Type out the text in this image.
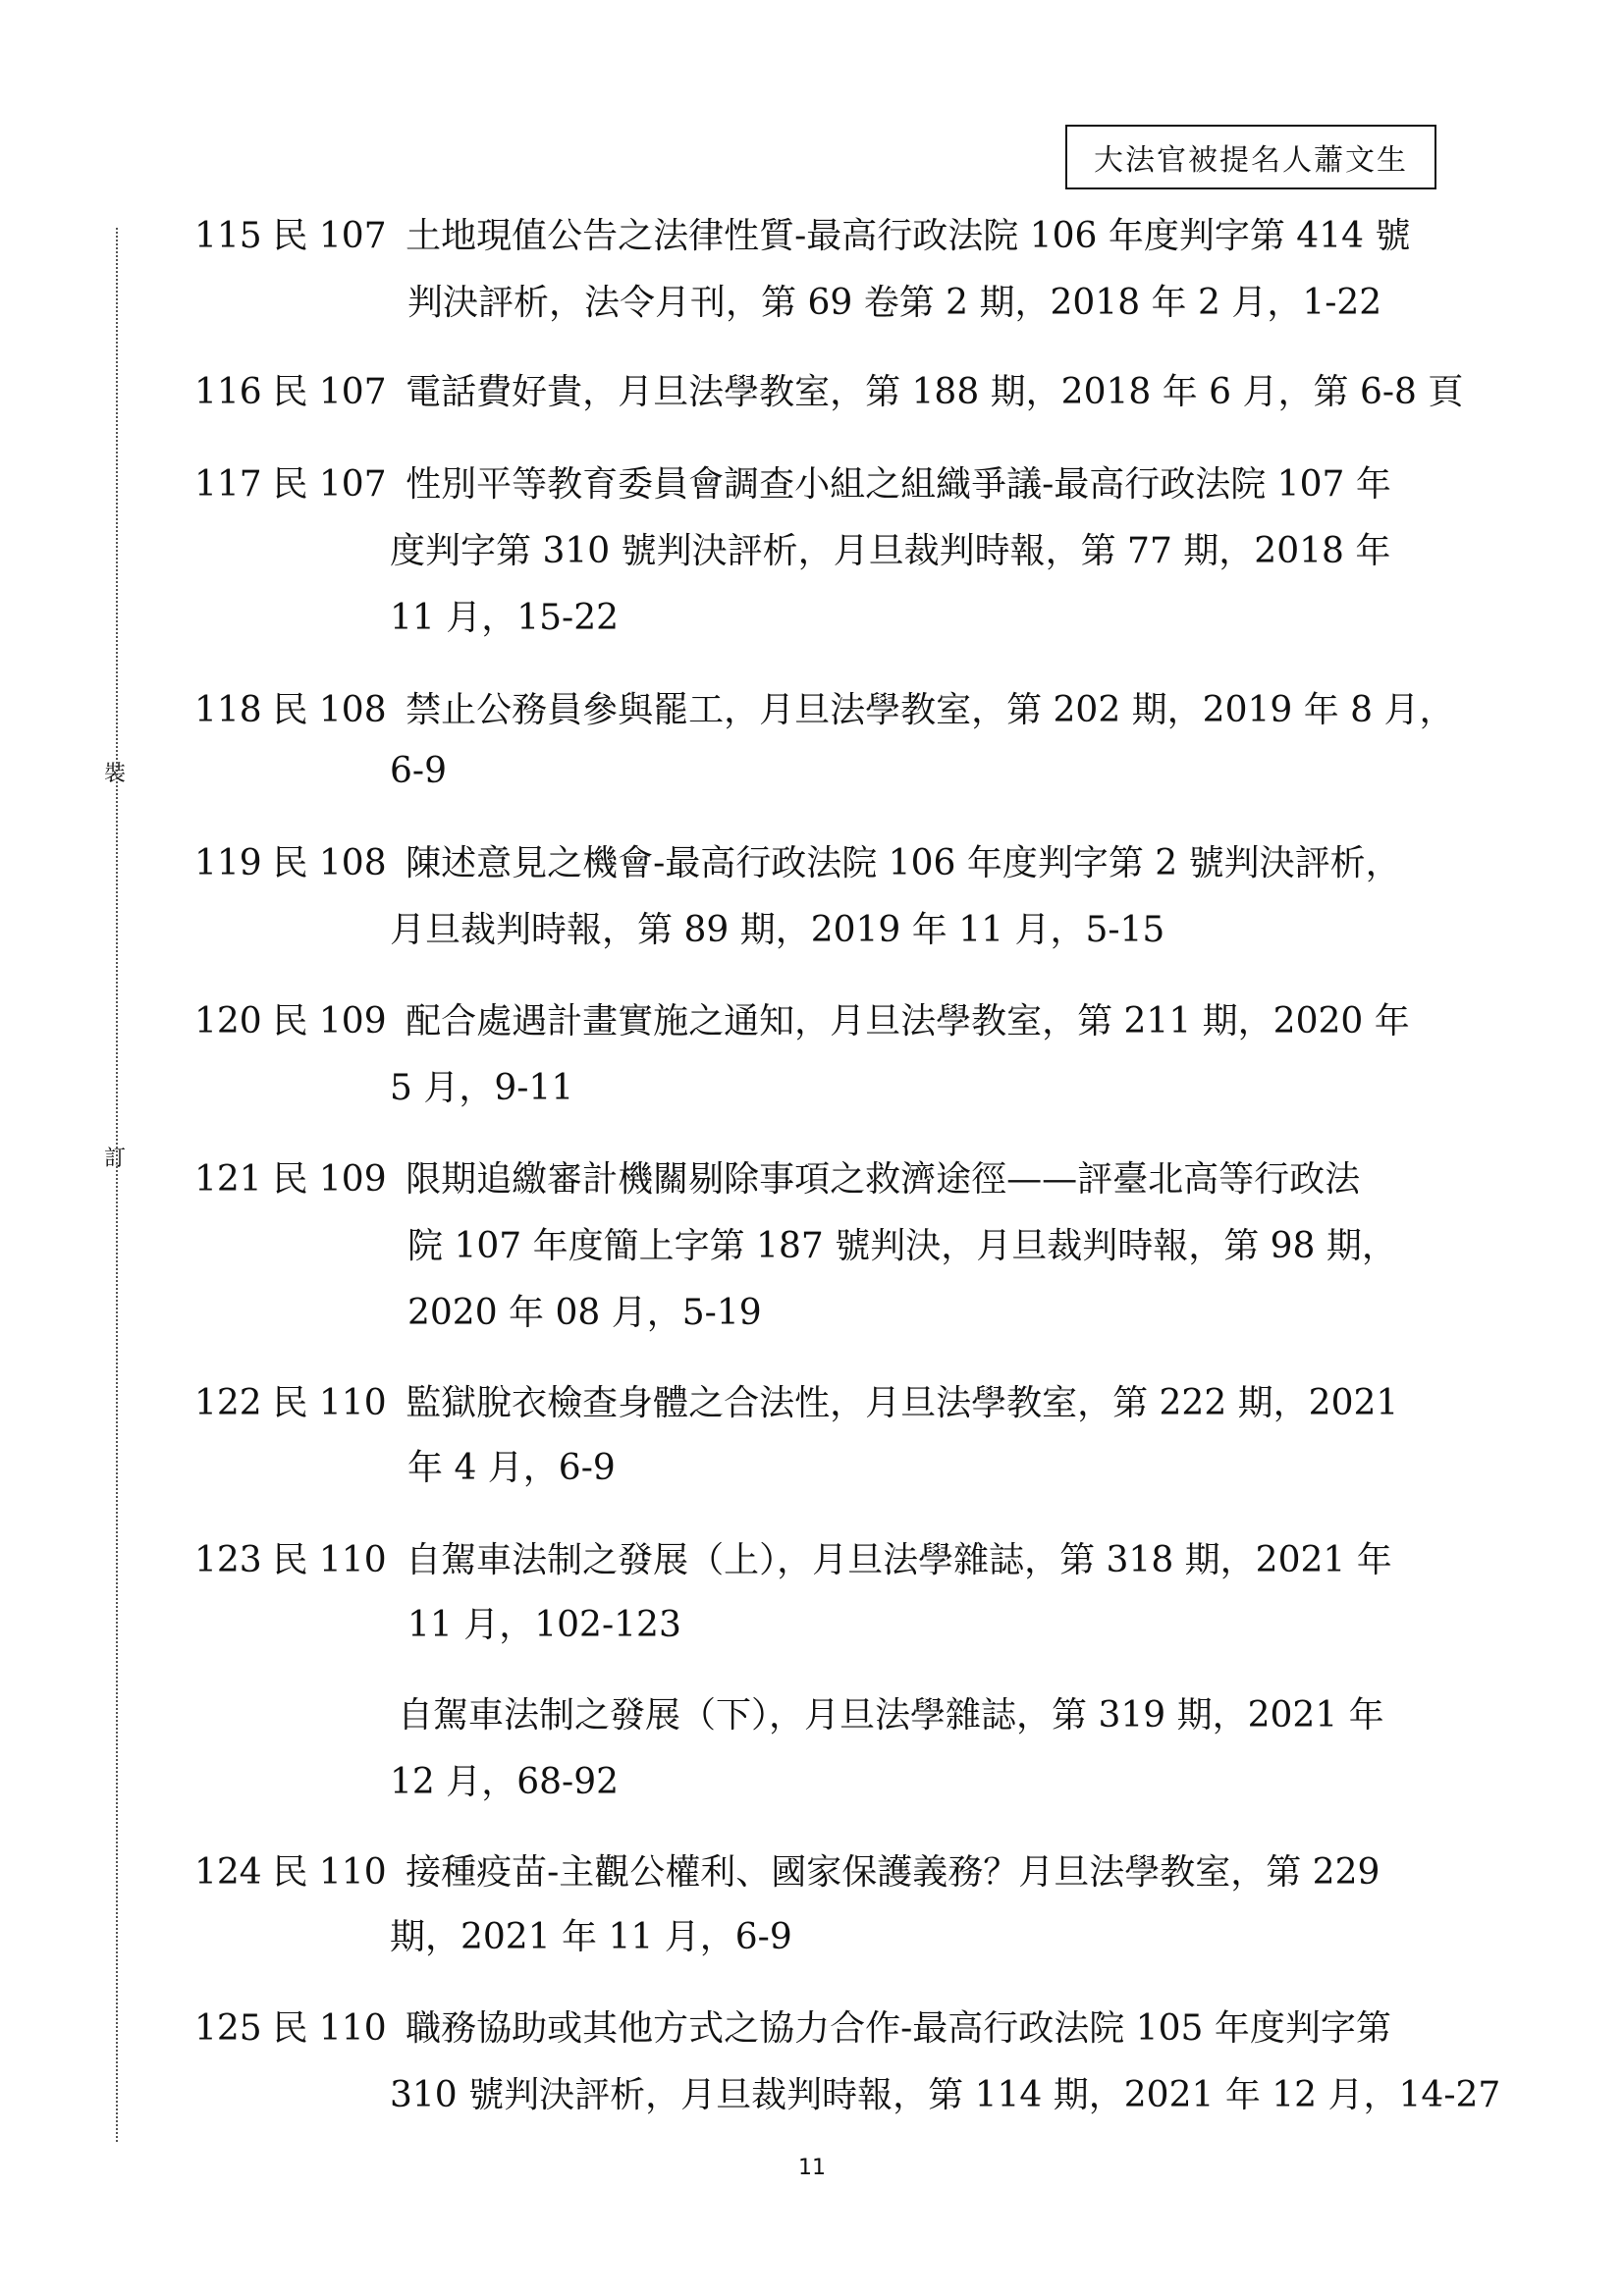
大法官被提名人蕭文生
裝
訂
115 民 107 土地現值公告之法律性質-最高行政法院 106 年度判字第 414 號
判決評析，法令月刊，第 69 卷第 2 期，2018 年 2 月，1-22
116 民 107 電話費好貴，月旦法學教室，第 188 期，2018 年 6 月，第 6-8 頁
117 民 107 性別平等教育委員會調查小組之組織爭議-最高行政法院 107 年
度判字第 310 號判決評析，月旦裁判時報，第 77 期，2018 年
11 月，15-22
118 民 108 禁止公務員參與罷工，月旦法學教室，第 202 期，2019 年 8 月，
6-9
119 民 108 陳述意見之機會-最高行政法院 106 年度判字第 2 號判決評析，
月旦裁判時報，第 89 期，2019 年 11 月，5-15
120 民 109 配合處遇計畫實施之通知，月旦法學教室，第 211 期，2020 年
5 月，9-11
121 民 109 限期追繳審計機關剔除事項之救濟途徑——評臺北高等行政法
院 107 年度簡上字第 187 號判決，月旦裁判時報，第 98 期，
2020 年 08 月，5-19
122 民 110 監獄脫衣檢查身體之合法性，月旦法學教室，第 222 期，2021
年 4 月，6-9
123 民 110 自駕車法制之發展（上），月旦法學雜誌，第 318 期，2021 年
11 月，102-123
自駕車法制之發展（下），月旦法學雜誌，第 319 期，2021 年
12 月，68-92
124 民 110 接種疫苗-主觀公權利、國家保護義務？月旦法學教室，第 229
期，2021 年 11 月，6-9
125 民 110 職務協助或其他方式之協力合作-最高行政法院 105 年度判字第
310 號判決評析，月旦裁判時報，第 114 期，2021 年 12 月，14-27
11
